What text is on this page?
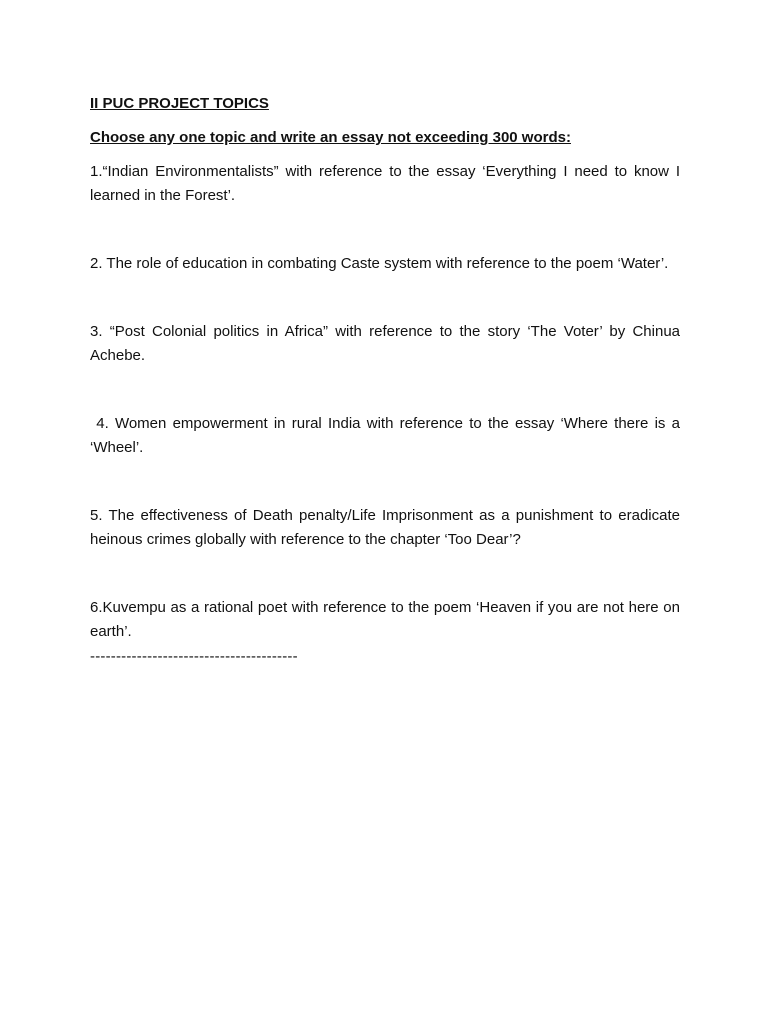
II PUC PROJECT TOPICS

Choose any one topic and write an essay not exceeding 300 words:

1.“Indian Environmentalists” with reference to the essay ‘Everything I need to know I learned in the Forest’.
2. The role of education in combating Caste system with reference to the poem ‘Water’.
3. “Post Colonial politics in Africa” with reference to the story ‘The Voter’ by Chinua Achebe.
4. Women empowerment in rural India with reference to the essay ‘Where there is a ‘Wheel’.
5. The effectiveness of Death penalty/Life Imprisonment as a punishment to eradicate heinous crimes globally with reference to the chapter ‘Too Dear’?
6.Kuvempu as a rational poet with reference to the poem ‘Heaven if you are not here on earth’.
----------------------------------------
